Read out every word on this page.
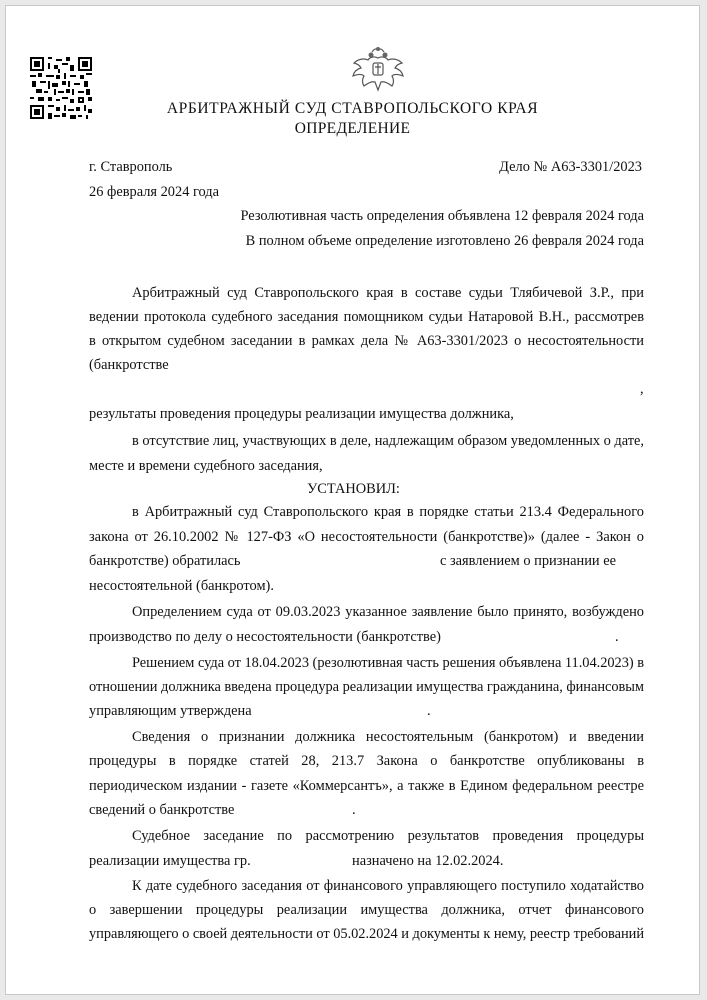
АРБИТРАЖНЫЙ СУД СТАВРОПОЛЬСКОГО КРАЯ
ОПРЕДЕЛЕНИЕ
г. Ставрополь	Дело № А63-3301/2023
26 февраля 2024 года
Резолютивная часть определения объявлена 12 февраля 2024 года
В полном объеме определение изготовлено 26 февраля 2024 года
Арбитражный суд Ставропольского края в составе судьи Тлябичевой З.Р., при
ведении протокола судебного заседания помощником судьи Натаровой В.Н., рассмотрев
в открытом судебном заседании в рамках дела № А63-3301/2023 о несостоятельности
(банкротстве
,
результаты проведения процедуры реализации имущества должника,
в отсутствие лиц, участвующих в деле, надлежащим образом уведомленных о дате,
месте и времени судебного заседания,
УСТАНОВИЛ:
в Арбитражный суд Ставропольского края в порядке статьи 213.4 Федерального
закона от 26.10.2002 № 127-ФЗ «О несостоятельности (банкротстве)» (далее - Закон о
банкротстве) обратилась	с заявлением о признании ее
несостоятельной (банкротом).
Определением суда от 09.03.2023 указанное заявление было принято, возбуждено
производство по делу о несостоятельности (банкротстве)	.
Решением суда от 18.04.2023 (резолютивная часть решения объявлена 11.04.2023) в
отношении должника введена процедура реализации имущества гражданина, финансовым
управляющим утверждена	.
Сведения о признании должника несостоятельным (банкротом) и введении
процедуры в порядке статей 28, 213.7 Закона о банкротстве опубликованы в
периодическом издании - газете «Коммерсантъ», а также в Едином федеральном реестре
сведений о банкротстве	.
Судебное заседание по рассмотрению результатов проведения процедуры
реализации имущества гр.	назначено на 12.02.2024.
К дате судебного заседания от финансового управляющего поступило ходатайство
о завершении процедуры реализации имущества должника, отчет финансового
управляющего о своей деятельности от 05.02.2024 и документы к нему, реестр требований
